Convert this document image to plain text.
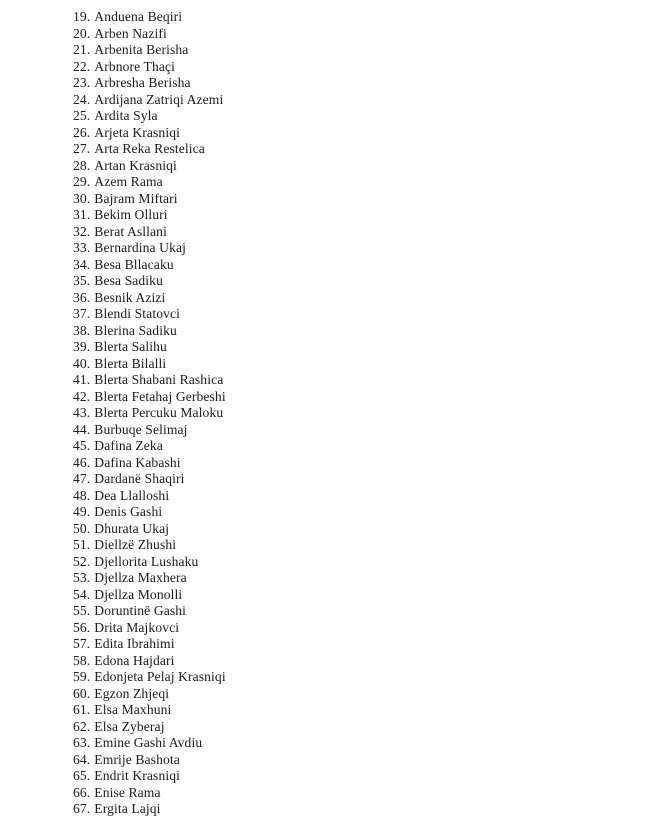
19. Anduena Beqiri
20. Arben Nazifi
21. Arbenita Berisha
22. Arbnore Thaçi
23. Arbresha Berisha
24. Ardijana Zatriqi Azemi
25. Ardita Syla
26. Arjeta Krasniqi
27. Arta Reka Restelica
28. Artan Krasniqi
29. Azem Rama
30. Bajram Miftari
31. Bekim Olluri
32. Berat Asllani
33. Bernardina Ukaj
34. Besa Bllacaku
35. Besa Sadiku
36. Besnik Azizi
37. Blendi Statovci
38. Blerina Sadiku
39. Blerta Salihu
40. Blerta Bilalli
41. Blerta Shabani Rashica
42. Blerta Fetahaj Gerbeshi
43. Blerta Percuku Maloku
44. Burbuqe Selimaj
45. Dafina Zeka
46. Dafina Kabashi
47. Dardanë Shaqiri
48. Dea Llalloshi
49. Denis Gashi
50. Dhurata Ukaj
51. Diellzë Zhushi
52. Djellorita Lushaku
53. Djellza Maxhera
54. Djellza Monolli
55. Doruntinë Gashi
56. Drita Majkovci
57. Edita Ibrahimi
58. Edona Hajdari
59. Edonjeta Pelaj Krasniqi
60. Egzon Zhjeqi
61. Elsa Maxhuni
62. Elsa Zyberaj
63. Emine Gashi Avdiu
64. Emrije Bashota
65. Endrit Krasniqi
66. Enise Rama
67. Ergita Lajqi
